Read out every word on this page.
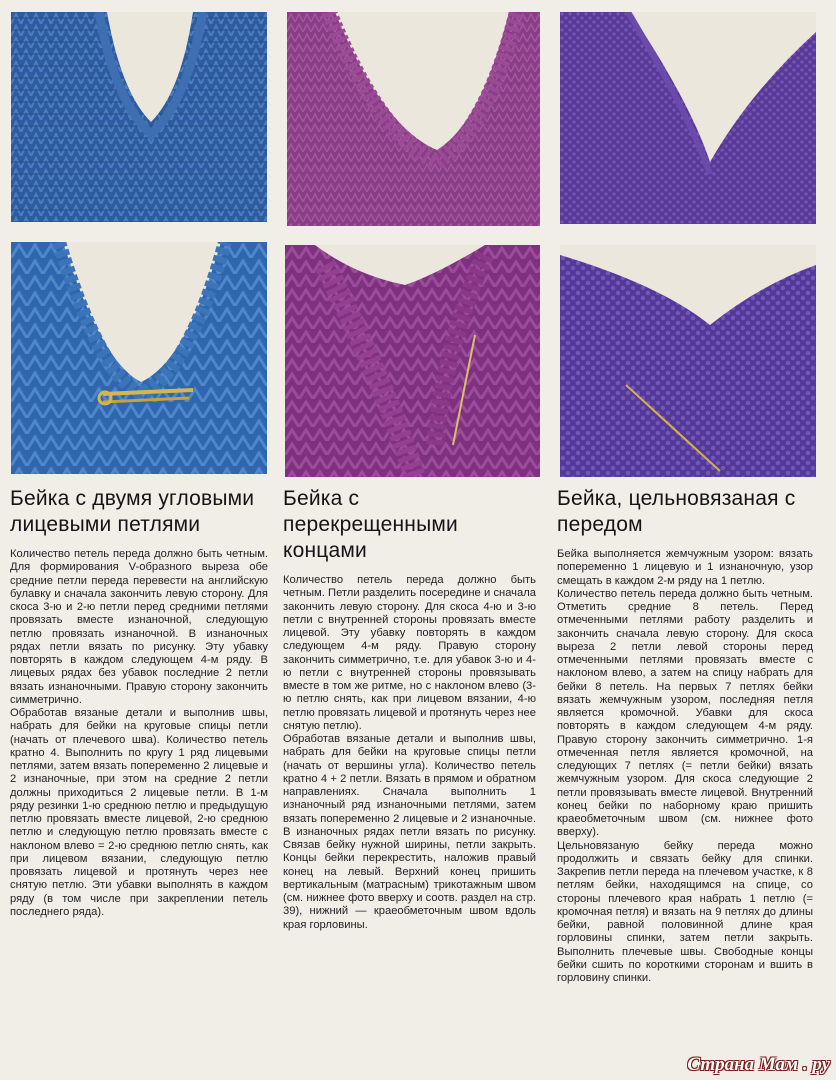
Бейка с двумя угловыми лицевыми петлями

Количество петель переда должно быть четным. Для формирования V-образного выреза обе средние петли переда перевести на английскую булавку и сначала закончить левую сторону. Для скоса 3-ю и 2-ю петли перед средними петлями провязать вместе изнаночной, следующую петлю провязать изнаночной. В изнаночных рядах петли вязать по рисунку. Эту убавку повторять в каждом следующем 4-м ряду. В лицевых рядах без убавок последние 2 петли вязать изнаночными. Правую сторону закончить симметрично.

Обработав вязаные детали и выполнив швы, набрать для бейки на круговые спицы петли (начать от плечевого шва). Количество петель кратно 4. Выполнить по кругу 1 ряд лицевыми петлями, затем вязать попеременно 2 лицевые и 2 изнаночные, при этом на средние 2 петли должны приходиться 2 лицевые петли. В 1-м ряду резинки 1-ю среднюю петлю и предыдущую петлю провязать вместе лицевой, 2-ю среднюю петлю и следующую петлю провязать вместе с наклоном влево = 2-ю среднюю петлю снять, как при лицевом вязании, следующую петлю провязать лицевой и протянуть через нее снятую петлю. Эти убавки выполнять в каждом ряду (в том числе при закреплении петель последнего ряда).

Бейка с перекрещенными концами

Количество петель переда должно быть четным. Петли разделить посередине и сначала закончить левую сторону. Для скоса 4-ю и 3-ю петли с внутренней стороны провязать вместе лицевой. Эту убавку повторять в каждом следующем 4-м ряду. Правую сторону закончить симметрично, т.е. для убавок 3-ю и 4-ю петли с внутренней стороны провязывать вместе в том же ритме, но с наклоном влево (3-ю петлю снять, как при лицевом вязании, 4-ю петлю провязать лицевой и протянуть через нее снятую петлю).

Обработав вязаные детали и выполнив швы, набрать для бейки на круговые спицы петли (начать от вершины угла). Количество петель кратно 4 + 2 петли. Вязать в прямом и обратном направлениях. Сначала выполнить 1 изнаночный ряд изнаночными петлями, затем вязать попеременно 2 лицевые и 2 изнаночные. В изнаночных рядах петли вязать по рисунку. Связав бейку нужной ширины, петли закрыть. Концы бейки перекрестить, наложив правый конец на левый. Верхний конец пришить вертикальным (матрасным) трикотажным швом (см. нижнее фото вверху и соотв. раздел на стр. 39), нижний — краеобметочным швом вдоль края горловины.

Бейка, цельновязаная с передом

Бейка выполняется жемчужным узором: вязать попеременно 1 лицевую и 1 изнаночную, узор смещать в каждом 2-м ряду на 1 петлю.

Количество петель переда должно быть четным. Отметить средние 8 петель. Перед отмеченными петлями работу разделить и закончить сначала левую сторону. Для скоса выреза 2 петли левой стороны перед отмеченными петлями провязать вместе с наклоном влево, а затем на спицу набрать для бейки 8 петель. На первых 7 петлях бейки вязать жемчужным узором, последняя петля является кромочной. Убавки для скоса повторять в каждом следующем 4-м ряду. Правую сторону закончить симметрично. 1-я отмеченная петля является кромочной, на следующих 7 петлях (= петли бейки) вязать жемчужным узором. Для скоса следующие 2 петли провязывать вместе лицевой. Внутренний конец бейки по наборному краю пришить краеобметочным швом (см. нижнее фото вверху).

Цельновязаную бейку переда можно продолжить и связать бейку для спинки. Закрепив петли переда на плечевом участке, к 8 петлям бейки, находящимся на спице, со стороны плечевого края набрать 1 петлю (= кромочная петля) и вязать на 9 петлях до длины бейки, равной половинной длине края горловины спинки, затем петли закрыть. Выполнить плечевые швы. Свободные концы бейки сшить по короткими сторонам и вшить в горловину спинки.

Страна Мам . ру
